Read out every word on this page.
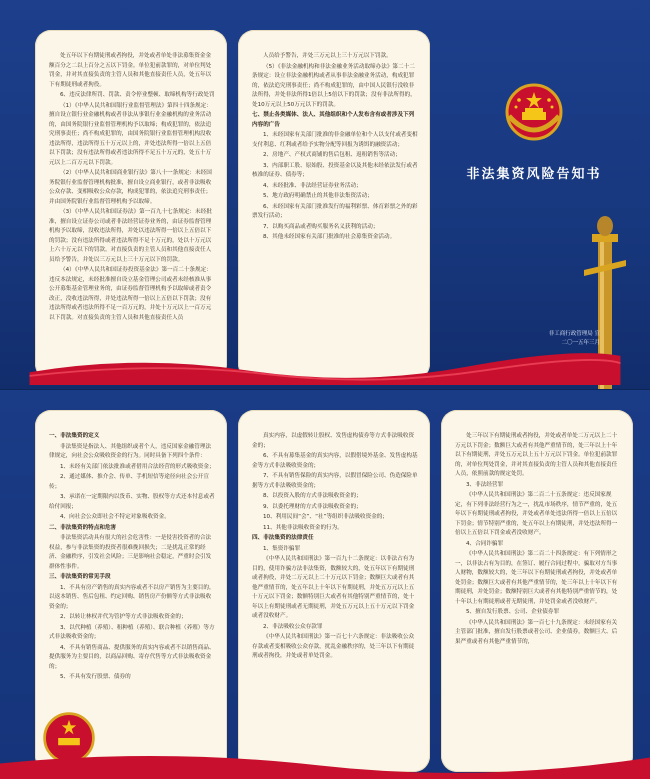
处五年以下有期徒刑或者拘役，并处或者单处非法募集资金金额百分之二以上百分之五以下罚金。单位犯前款罪的，对单位判处罚金，并对其直接负责的主管人员和其他直接责任人员，处五年以下有期徒刑或者拘役。

6、违反法律所罚、罚款、责令停业整顿、取缔机构等行政处罚

（1）《中华人民共和国银行业监督管理法》第四十四条规定：擅自设立银行业金融机构或者非法从事银行业金融机构的业务活动的，由国务院银行业监督管理机构予以取缔；构成犯罪的，依法追究刑事责任；尚不构成犯罪的，由国务院银行业监督管理机构没收违法所得，违法所得五十万元以上的，并处违法所得一倍以上五倍以下罚款；没有违法所得或者违法所得不足五十万元的，处五十万元以上二百万元以下罚款。

（2）《中华人民共和国商业银行法》第八十一条规定：未经国务院银行业监督管理机构批准，擅自设立商业银行，或者非法吸收公众存款、变相吸收公众存款，构成犯罪的，依法追究刑事责任；并由国务院银行业监督管理机构予以取缔。

（3）《中华人民共和国证券法》第一百九十七条规定：未经批准，擅自设立证券公司或者非法经营证券业务的，由证券监督管理机构予以取缔，没收违法所得，并处以违法所得一倍以上五倍以下的罚款；没有违法所得或者违法所得不足十万元的，处以十万元以上六十万元以下的罚款。对直接负责的主管人员和其他直接责任人员给予警告，并处以三万元以上三十万元以下的罚款。

（4）《中华人民共和国证券投资基金法》第一百二十条规定：违反本法规定，未经批准擅自设立基金管理公司或者未经核准从事公开募集基金管理业务的，由证券监督管理机构予以取缔或者责令改正，没收违法所得，并处违法所得一倍以上五倍以下罚款；没有违法所得或者违法所得不足一百万元的，并处十万元以上一百万元以下罚款。对直接负责的主管人员和其他直接责任人员

人员给予警告，并处三万元以上三十万元以下罚款。

（5）《非法金融机构和非法金融业务活动取缔办法》第二十二条规定：设立非法金融机构或者从事非法金融业务活动，构成犯罪的，依法追究刑事责任；尚不构成犯罪的，由中国人民银行没收非法所得，并处非法所得1倍以上5倍以下的罚款；没有非法所得的，处10万元以上50万元以下的罚款。

七、禁止各类媒体、法人、其他组织和个人发布含有或者涉及下列内容的广告

1、未经国家有关部门批准的非金融单位和个人以支付或者变相支付利息、红利或者给予实物分配等回报为诱饵的融资活动；

2、房地产、产权式商铺的售后包租、返租销售等活动；

3、内部职工股、原始股、投资基金以及其他未经依法发行或者核准的证券、债券等；

4、未经批准、非法经营证券业务活动；

5、地方政府明确禁止的其他非法集资活动；

6、未经国家有关部门批准发行的福利彩票、体育彩票之外的彩票发行活动；

7、以购买商品或者购买服务名义获利的活动；

8、其他未经国家有关部门批准的社会募集资金活动。

非法集资风险告知书
非工商行政管理局 宣
二〇一五年三月

一、非法集资的定义

非法集资是指法人、其他组织或者个人，违反国家金融管理法律规定，向社会公众吸收资金的行为。同时具备下列四个条件：

1、未经有关部门依法批准或者借用合法经营的形式吸收资金；

2、通过媒体、推介会、传单、手机短信等途径向社会公开宣传；

3、承诺在一定期限内以货币、实物、股权等方式还本付息或者给付回报；

4、向社会公众即社会不特定对象吸收资金。

二、非法集资的特点和危害

非法集资活动具有很大的社会危害性：一是侵害投资者的合法权益，参与非法集资的投资者很难挽回损失；二是扰乱正常的经济、金融秩序，引发社会风险；三是影响社会稳定，严重时会引发群体性事件。

三、非法集资的常见手段

1、不具有房产销售的真实内容或者不以房产销售为主要目的，以返本销售、售后包租、约定回购、销售房产份额等方式非法吸收资金的；

2、以转让林权并代为管护等方式非法吸收资金的；

3、以代种植（养殖）、租种植（养殖）、联合种植（养殖）等方式非法吸收资金的；

4、不具有销售商品、提供服务的真实内容或者不以销售商品、提供服务为主要目的，以商品回购、寄存代售等方式非法吸收资金的；

5、不具有发行股票、债券的

真实内容，以虚假转让股权、发售虚构债券等方式非法吸收资金的；

6、不具有募集基金的真实内容，以假借境外基金、发售虚构基金等方式非法吸收资金的；

7、不具有销售保险的真实内容，以假冒保险公司、伪造保险单据等方式非法吸收资金的；

8、以投资入股的方式非法吸收资金的；

9、以委托理财的方式非法吸收资金的；

10、利用民间“会”、“社”等组织非法吸收资金的；

11、其他非法吸收资金的行为。

四、非法集资的法律责任

1、集资诈骗罪

《中华人民共和国刑法》第一百九十二条规定：以非法占有为目的，使用诈骗方法非法集资，数额较大的，处五年以下有期徒刑或者拘役，并处二万元以上二十万元以下罚金；数额巨大或者有其他严重情节的，处五年以上十年以下有期徒刑，并处五万元以上五十万元以下罚金；数额特别巨大或者有其他特别严重情节的，处十年以上有期徒刑或者无期徒刑，并处五万元以上五十万元以下罚金或者没收财产。

2、非法吸收公众存款罪

《中华人民共和国刑法》第一百七十六条规定：非法吸收公众存款或者变相吸收公众存款，扰乱金融秩序的，处三年以下有期徒刑或者拘役，并处或者单处罚金。

处三年以下有期徒刑或者拘役，并处或者单处二万元以上二十万元以下罚金；数额巨大或者有其他严重情节的，处三年以上十年以下有期徒刑，并处五万元以上五十万元以下罚金。单位犯前款罪的，对单位判处罚金，并对其直接负责的主管人员和其他直接责任人员，依照前款的规定处罚。

3、非法经营罪

《中华人民共和国刑法》第二百二十五条规定：违反国家规定，有下列非法经营行为之一，扰乱市场秩序，情节严重的，处五年以下有期徒刑或者拘役，并处或者单处违法所得一倍以上五倍以下罚金；情节特别严重的，处五年以上有期徒刑，并处违法所得一倍以上五倍以下罚金或者没收财产。

4、合同诈骗罪

《中华人民共和国刑法》第二百二十四条规定：有下列情形之一，以非法占有为目的，在签订、履行合同过程中，骗取对方当事人财物，数额较大的，处三年以下有期徒刑或者拘役，并处或者单处罚金；数额巨大或者有其他严重情节的，处三年以上十年以下有期徒刑，并处罚金；数额特别巨大或者有其他特别严重情节的，处十年以上有期徒刑或者无期徒刑，并处罚金或者没收财产。

5、擅自发行股票、公司、企业债券罪

《中华人民共和国刑法》第一百七十九条规定：未经国家有关主管部门批准，擅自发行股票或者公司、企业债券，数额巨大、后果严重或者有其他严重情节的，
